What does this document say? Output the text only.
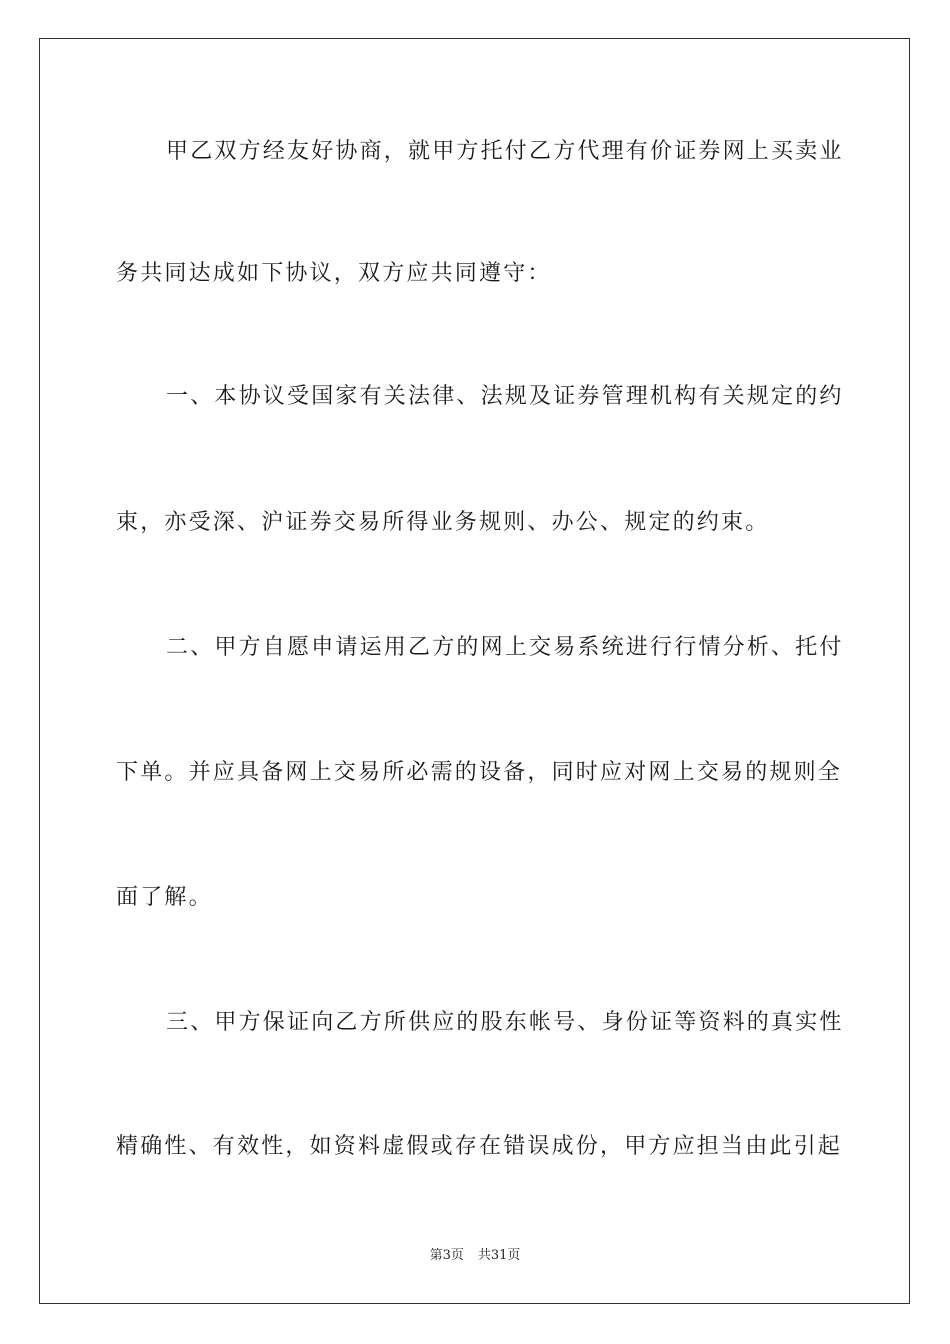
甲乙双方经友好协商，就甲方托付乙方代理有价证券网上买卖业
务共同达成如下协议，双方应共同遵守：
一、本协议受国家有关法律、法规及证券管理机构有关规定的约
束，亦受深、沪证券交易所得业务规则、办公、规定的约束。
二、甲方自愿申请运用乙方的网上交易系统进行行情分析、托付
下单。并应具备网上交易所必需的设备，同时应对网上交易的规则全
面了解。
三、甲方保证向乙方所供应的股东帐号、身份证等资料的真实性
精确性、有效性，如资料虚假或存在错误成份，甲方应担当由此引起
第3页 共31页
